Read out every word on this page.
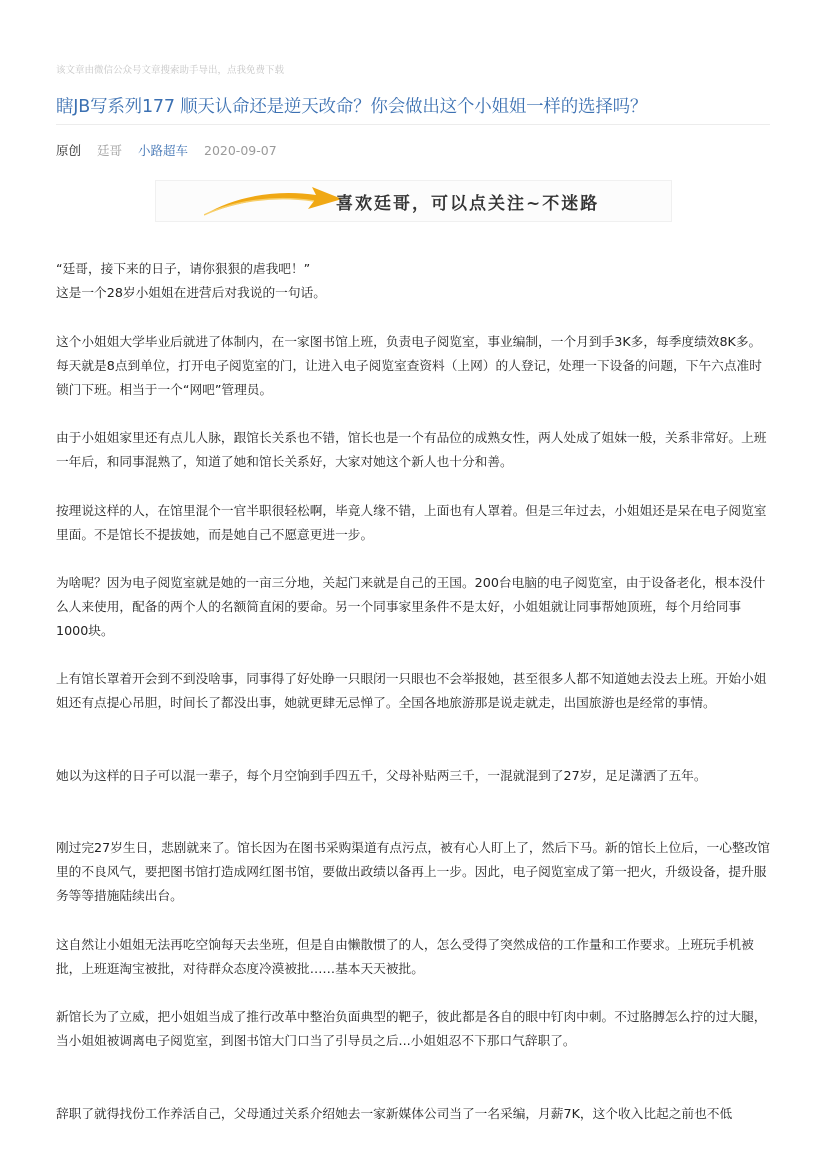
该文章由微信公众号文章搜索助手导出，点我免费下载
瞎JB写系列177 顺天认命还是逆天改命？你会做出这个小姐姐一样的选择吗？
原创 廷哥 小路超车 2020-09-07
喜欢廷哥，可以点关注~不迷路

“廷哥，接下来的日子，请你狠狠的虐我吧！”
这是一个28岁小姐姐在进营后对我说的一句话。

这个小姐姐大学毕业后就进了体制内，在一家图书馆上班，负责电子阅览室，事业编制，一个月到手3K多，每季度绩效8K多。每天就是8点到单位，打开电子阅览室的门，让进入电子阅览室查资料（上网）的人登记，处理一下设备的问题，下午六点准时锁门下班。相当于一个“网吧”管理员。

由于小姐姐家里还有点儿人脉，跟馆长关系也不错，馆长也是一个有品位的成熟女性，两人处成了姐妹一般，关系非常好。上班一年后，和同事混熟了，知道了她和馆长关系好，大家对她这个新人也十分和善。

按理说这样的人，在馆里混个一官半职很轻松啊，毕竟人缘不错，上面也有人罩着。但是三年过去，小姐姐还是呆在电子阅览室里面。不是馆长不提拔她，而是她自己不愿意更进一步。

为啥呢？因为电子阅览室就是她的一亩三分地，关起门来就是自己的王国。200台电脑的电子阅览室，由于设备老化，根本没什么人来使用，配备的两个人的名额简直闲的要命。另一个同事家里条件不是太好，小姐姐就让同事帮她顶班，每个月给同事1000块。

上有馆长罩着开会到不到没啥事，同事得了好处睁一只眼闭一只眼也不会举报她，甚至很多人都不知道她去没去上班。开始小姐姐还有点提心吊胆，时间长了都没出事，她就更肆无忌惮了。全国各地旅游那是说走就走，出国旅游也是经常的事情。

她以为这样的日子可以混一辈子，每个月空饷到手四五千，父母补贴两三千，一混就混到了27岁，足足潇洒了五年。

刚过完27岁生日，悲剧就来了。馆长因为在图书采购渠道有点污点，被有心人盯上了，然后下马。新的馆长上位后，一心整改馆里的不良风气，要把图书馆打造成网红图书馆，要做出政绩以备再上一步。因此，电子阅览室成了第一把火，升级设备，提升服务等等措施陆续出台。

这自然让小姐姐无法再吃空饷每天去坐班，但是自由懒散惯了的人，怎么受得了突然成倍的工作量和工作要求。上班玩手机被批，上班逛淘宝被批，对待群众态度冷漠被批……基本天天被批。

新馆长为了立威，把小姐姐当成了推行改革中整治负面典型的靶子，彼此都是各自的眼中钉肉中刺。不过胳膊怎么拧的过大腿，当小姐姐被调离电子阅览室，到图书馆大门口当了引导员之后...小姐姐忍不下那口气辞职了。

辞职了就得找份工作养活自己，父母通过关系介绍她去一家新媒体公司当了一名采编，月薪7K，这个收入比起之前也不低
